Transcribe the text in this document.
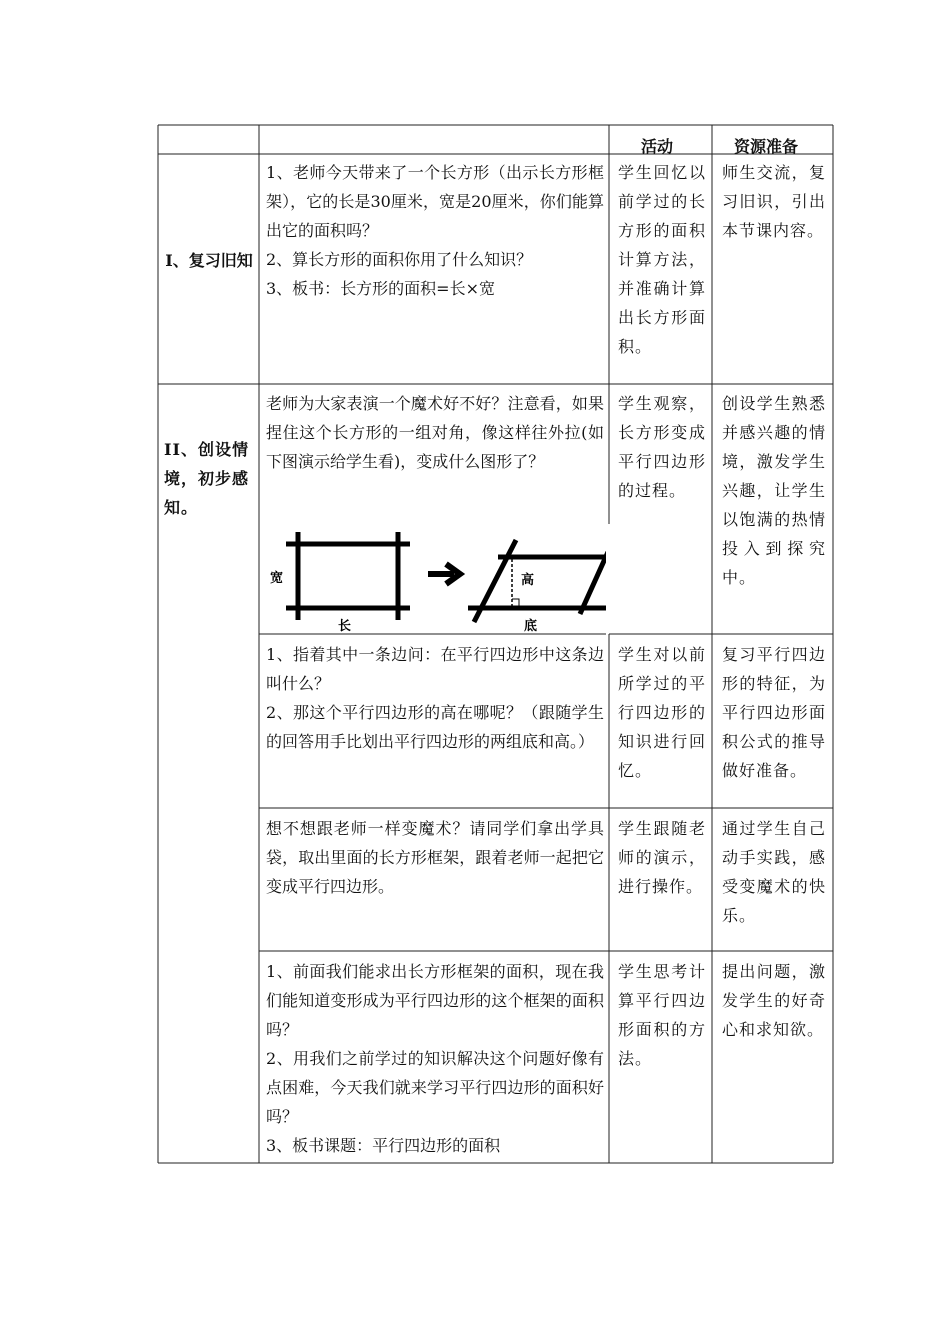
活动	资源准备
I、复习旧知
1、老师今天带来了一个长方形（出示长方形框架），它的长是30厘米，宽是20厘米，你们能算出它的面积吗？
2、算长方形的面积你用了什么知识？
3、板书：长方形的面积=长×宽
学生回忆以前学过的长方形的面积计算方法，并准确计算出长方形面积。
师生交流，复习旧识，引出本节课内容。
II、创设情境，初步感知。
老师为大家表演一个魔术好不好？注意看，如果捏住这个长方形的一组对角，像这样往外拉(如下图演示给学生看)，变成什么图形了？
学生观察，长方形变成平行四边形的过程。
创设学生熟悉并感兴趣的情境，激发学生兴趣，让学生以饱满的热情投入到探究中。
宽
长
高
底
1、指着其中一条边问：在平行四边形中这条边叫什么？
2、那这个平行四边形的高在哪呢？（跟随学生的回答用手比划出平行四边形的两组底和高。）
学生对以前所学过的平行四边形的知识进行回忆。
复习平行四边形的特征，为平行四边形面积公式的推导做好准备。
想不想跟老师一样变魔术？请同学们拿出学具袋，取出里面的长方形框架，跟着老师一起把它变成平行四边形。
学生跟随老师的演示，进行操作。
通过学生自己动手实践，感受变魔术的快乐。
1、前面我们能求出长方形框架的面积，现在我们能知道变形成为平行四边形的这个框架的面积吗？
2、用我们之前学过的知识解决这个问题好像有点困难，今天我们就来学习平行四边形的面积好吗？
3、板书课题：平行四边形的面积
学生思考计算平行四边形面积的方法。
提出问题，激发学生的好奇心和求知欲。
